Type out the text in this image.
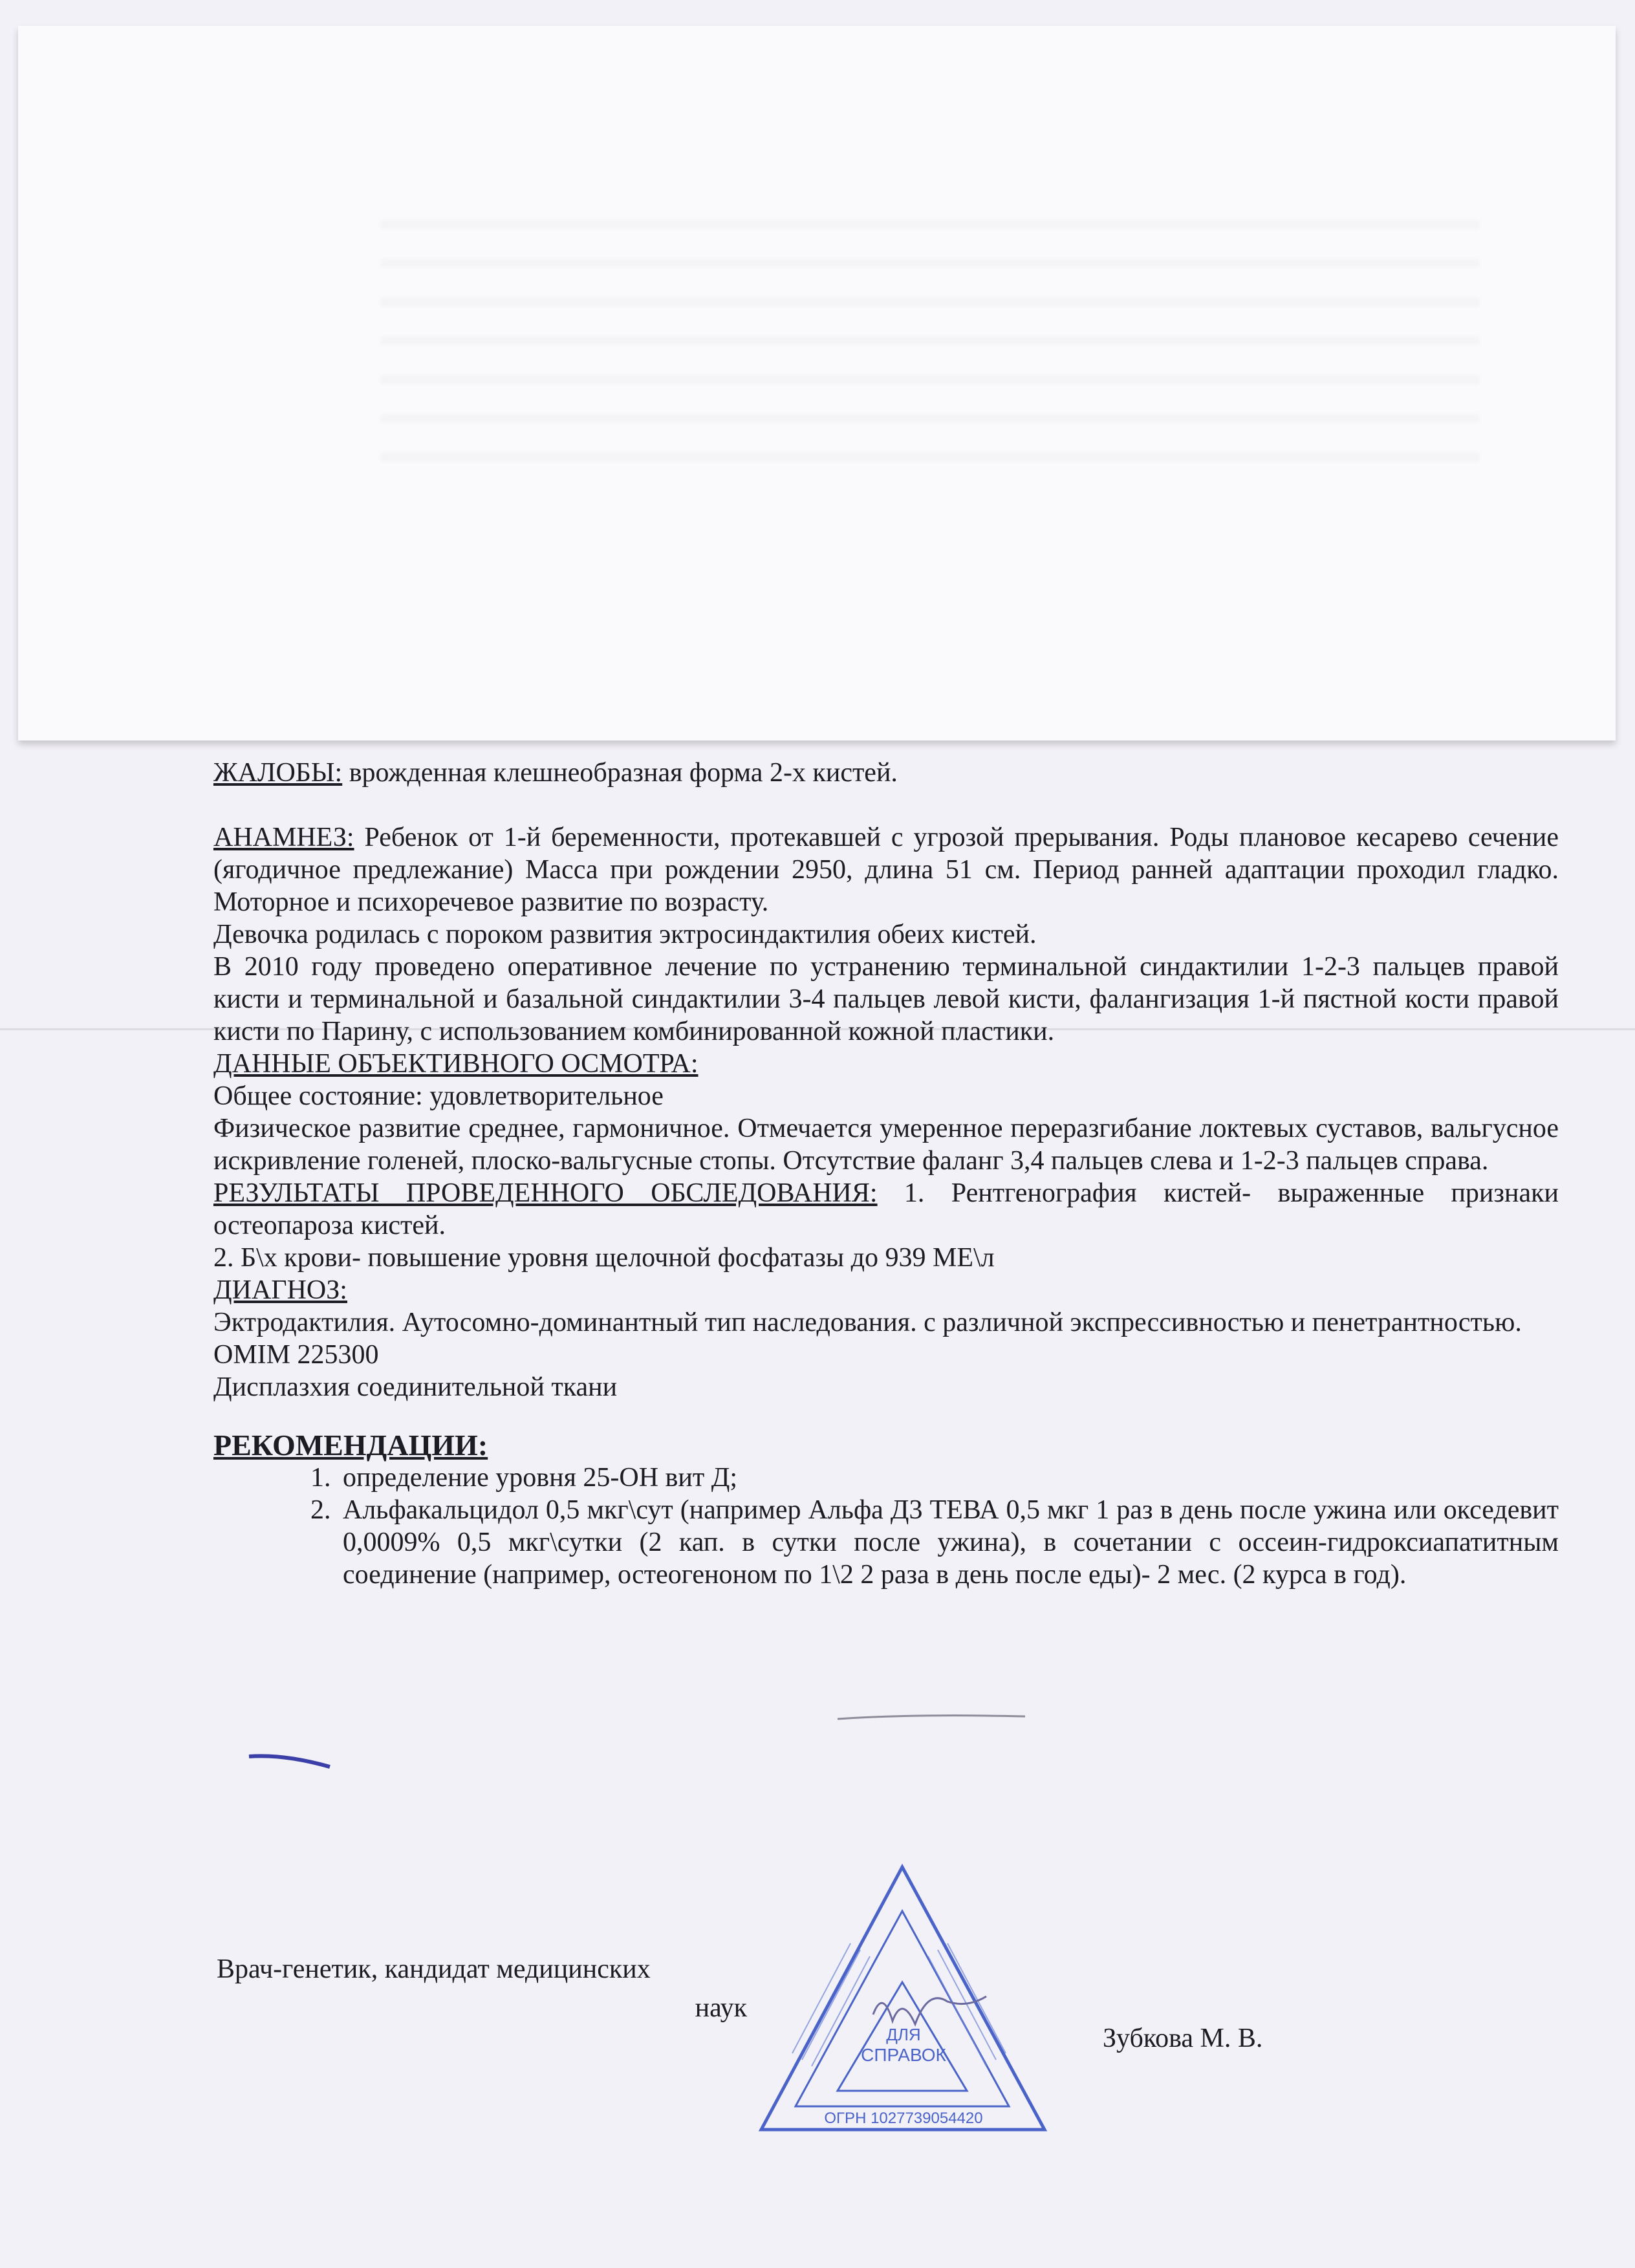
ЖАЛОБЫ: врожденная клешнеобразная форма 2-х кистей.

АНАМНЕЗ: Ребенок от 1-й беременности, протекавшей с угрозой прерывания. Роды плановое кесарево сечение (ягодичное предлежание) Масса при рождении 2950, длина 51 см. Период ранней адаптации проходил гладко. Моторное и психоречевое развитие по возрасту.

Девочка родилась с пороком развития эктросиндактилия обеих кистей.

В 2010 году проведено оперативное лечение по устранению терминальной синдактилии 1-2-3 пальцев правой кисти и терминальной и базальной синдактилии 3-4 пальцев левой кисти, фалангизация 1-й пястной кости правой кисти по Парину, с использованием комбинированной кожной пластики.

ДАННЫЕ ОБЪЕКТИВНОГО ОСМОТРА:

Общее состояние: удовлетворительное

Физическое развитие среднее, гармоничное. Отмечается умеренное переразгибание локтевых суставов, вальгусное искривление голеней, плоско-вальгусные стопы. Отсутствие фаланг 3,4 пальцев слева и 1-2-3 пальцев справа.

РЕЗУЛЬТАТЫ ПРОВЕДЕННОГО ОБСЛЕДОВАНИЯ: 1. Рентгенография кистей- выраженные признаки остеопароза кистей.

2. Б\х крови- повышение уровня щелочной фосфатазы до 939 МЕ\л

ДИАГНОЗ:

Эктродактилия. Аутосомно-доминантный тип наследования. с различной экспрессивностью и пенетрантностью.

OMIM 225300

Дисплазхия соединительной ткани

РЕКОМЕНДАЦИИ:

1. определение уровня 25-ОН вит Д;
2. Альфакальцидол 0,5 мкг\сут (например Альфа Д3 ТЕВА 0,5 мкг 1 раз в день после ужина или окседевит 0,0009% 0,5 мкг\сутки (2 кап. в сутки после ужина), в сочетании с оссеин-гидроксиапатитным соединение (например, остеогеноном по 1\2 2 раза в день после еды)- 2 мес. (2 курса в год).
Врач-генетик, кандидат медицинских
наук
Зубкова М. В.
ДЛЯ
СПРАВОК
ОГРН 1027739054420
